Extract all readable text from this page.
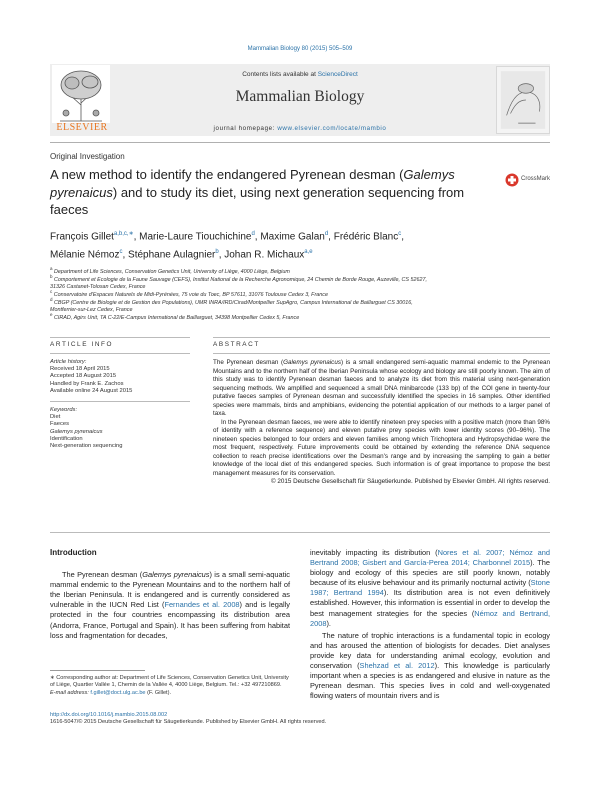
Mammalian Biology 80 (2015) 505–509
ELSEVIER
Contents lists available at ScienceDirect
Mammalian Biology
journal homepage: www.elsevier.com/locate/mambio
Original Investigation
A new method to identify the endangered Pyrenean desman (Galemys pyrenaicus) and to study its diet, using next generation sequencing from faeces
CrossMark
François Gillet$^{a,b,c,∗}$, Marie-Laure Tiouchichine$^d$, Maxime Galan$^d$, Frédéric Blanc$^c$,
Mélanie Némoz$^c$, Stéphane Aulagnier$^b$, Johan R. Michaux$^{a,e}$
$^a$ Department of Life Sciences, Conservation Genetics Unit, University of Liège, 4000 Liège, Belgium
$^b$ Comportement et Ecologie de la Faune Sauvage (CEFS), Institut National de la Recherche Agronomique, 24 Chemin de Borde Rouge, Auzeville, CS 52627,
31326 Castanet-Tolosan Cedex, France
$^c$ Conservatoire d'Espaces Naturels de Midi-Pyrénées, 75 voie du Toec, BP 57611, 31076 Toulouse Cedex 3, France
$^d$ CBGP (Centre de Biologie et de Gestion des Populations), UMR INRA/IRD/Cirad/Montpellier SupAgro, Campus International de Baillarguet CS 30016,
Montferrier-sur-Lez Cedex, France
$^e$ CIRAD, Agirs Unit, TA C-22/E-Campus International de Baillarguet, 34398 Montpellier Cedex 5, France
ARTICLE INFO	ABSTRACT
Article history:
Received 18 April 2015
Accepted 18 August 2015
Handled by Frank E. Zachos
Available online 24 August 2015
Keywords:
Diet
Faeces
Galemys pyrenaicus
Identification
Next-generation sequencing

The Pyrenean desman (Galemys pyrenaicus) is a small endangered semi-aquatic mammal endemic to the Pyrenean Mountains and to the northern half of the Iberian Peninsula whose ecology and biology are still poorly known. The aim of this study was to identify Pyrenean desman faeces and to analyze its diet from this material using next-generation sequencing methods. We amplified and sequenced a small DNA minibarcode (133 bp) of the COI gene in twenty-four putative faeces samples of Pyrenean desman and successfully identified the species in 16 samples. Other identified species were mammals, birds and amphibians, evidencing the potential application of our methods to a larger panel of taxa.

In the Pyrenean desman faeces, we were able to identify nineteen prey species with a positive match (more than 98% of identity with a reference sequence) and eleven putative prey species with lower identity scores (90–96%). The nineteen species belonged to four orders and eleven families among which Trichoptera and Hydropsychidae were the most frequent, respectively. Future improvements could be obtained by extending the reference DNA sequence collection to reach precise identifications over the Desman's range and by increasing the sampling to gain a better knowledge of the local diet of this endangered species. Such information is of great importance to propose the best management measures for its conservation.

© 2015 Deutsche Gesellschaft für Säugetierkunde. Published by Elsevier GmbH. All rights reserved.

Introduction

The Pyrenean desman (Galemys pyrenaicus) is a small semi-aquatic mammal endemic to the Pyrenean Mountains and to the northern half of the Iberian Peninsula. It is endangered and is currently considered as vulnerable in the IUCN Red List (Fernandes et al. 2008) and is legally protected in the four countries encompassing its distribution area (Andorra, France, Portugal and Spain). It has been suffering from habitat loss and fragmentation for decades,

inevitably impacting its distribution (Nores et al. 2007; Némoz and Bertrand 2008; Gisbert and García-Perea 2014; Charbonnel 2015). The biology and ecology of this species are still poorly known, notably because of its elusive behaviour and its primarily nocturnal activity (Stone 1987; Bertrand 1994). Its distribution area is not even definitively established. However, this information is essential in order to develop the best management strategies for the species (Némoz and Bertrand, 2008).

The nature of trophic interactions is a fundamental topic in ecology and has aroused the attention of biologists for decades. Diet analyses provide key data for understanding animal ecology, evolution and conservation (Shehzad et al. 2012). This knowledge is particularly important when a species is as endangered and elusive in nature as the Pyrenean desman. This species lives in cold and well-oxygenated flowing waters of mountain rivers and is

∗ Corresponding author at: Department of Life Sciences, Conservation Genetics Unit, University of Liège, Quartier Vallée 1, Chemin de la Vallée 4, 4000 Liège, Belgium. Tel.: +32 497210869.
E-mail address: f.gillet@doct.ulg.ac.be (F. Gillet).
http://dx.doi.org/10.1016/j.mambio.2015.08.002
1616-5047/© 2015 Deutsche Gesellschaft für Säugetierkunde. Published by Elsevier GmbH. All rights reserved.
